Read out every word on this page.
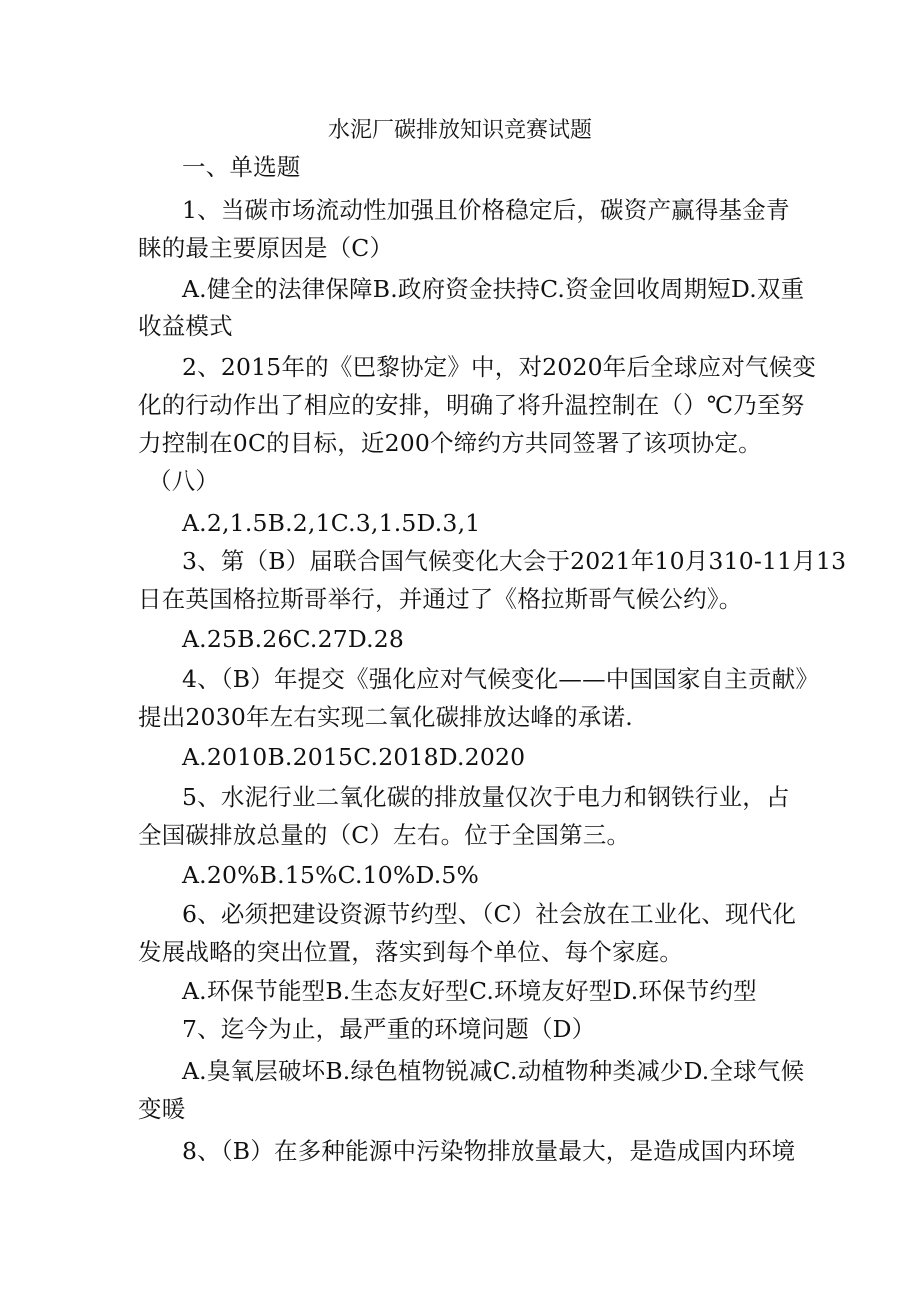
水泥厂碳排放知识竞赛试题
一、单选题
1、当碳市场流动性加强且价格稳定后，碳资产赢得基金青
睐的最主要原因是（C）
A.健全的法律保障B.政府资金扶持C.资金回收周期短D.双重
收益模式
2、2015年的《巴黎协定》中，对2020年后全球应对气候变
化的行动作出了相应的安排，明确了将升温控制在（）℃乃至努
力控制在0C的目标，近200个缔约方共同签署了该项协定。
（八）
A.2,1.5B.2,1C.3,1.5D.3,1
3、第（B）届联合国气候变化大会于2021年10月310-11月13
日在英国格拉斯哥举行，并通过了《格拉斯哥气候公约》。
A.25B.26C.27D.28
4、（B）年提交《强化应对气候变化——中国国家自主贡献》
提出2030年左右实现二氧化碳排放达峰的承诺.
A.2010B.2015C.2018D.2020
5、水泥行业二氧化碳的排放量仅次于电力和钢铁行业，占
全国碳排放总量的（C）左右。位于全国第三。
A.20%B.15%C.10%D.5%
6、必须把建设资源节约型、（C）社会放在工业化、现代化
发展战略的突出位置，落实到每个单位、每个家庭。
A.环保节能型B.生态友好型C.环境友好型D.环保节约型
7、迄今为止，最严重的环境问题（D）
A.臭氧层破坏B.绿色植物锐减C.动植物种类减少D.全球气候
变暖
8、（B）在多种能源中污染物排放量最大，是造成国内环境
